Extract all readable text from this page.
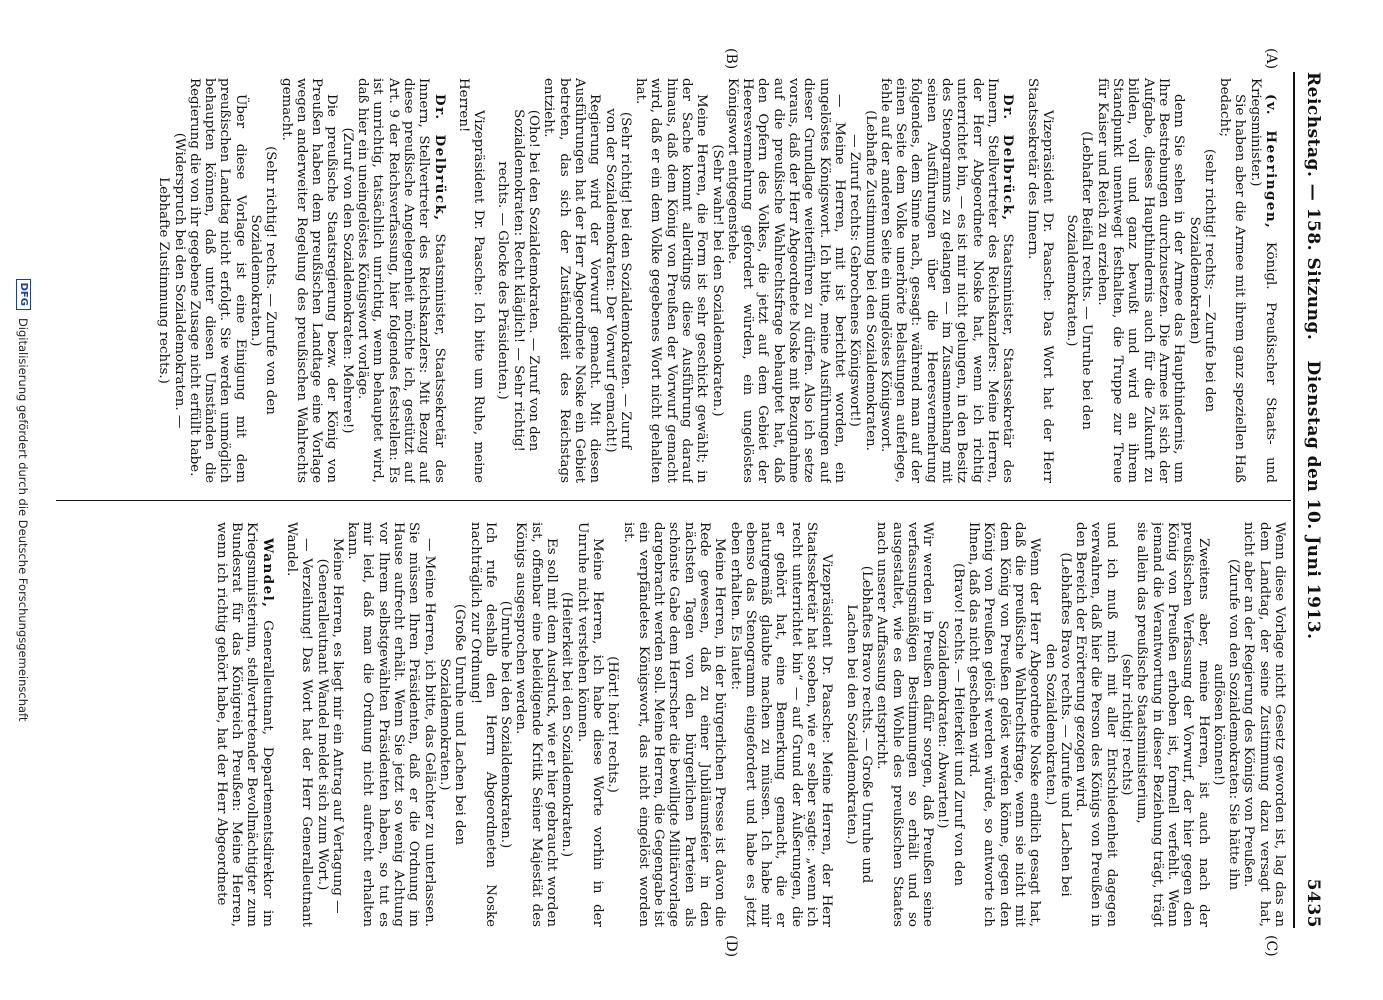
Reichstag. — 158. Sitzung.
Dienstag den 10. Juni 1913.
5435
(A)
(B)
(C)
(D)

(v. Heeringen, Königl. Preußischer Staats- und Kriegsminister.)

Sie haben aber die Armee mit ihrem ganz speziellen Haß bedacht;

(sehr richtig! rechts; — Zurufe bei den Sozialdemokraten)

denn Sie sehen in der Armee das Haupthindernis, um Ihre Bestrebungen durchzusetzen. Die Armee ist sich der Aufgabe, dieses Haupthindernis auch für die Zukunft zu bilden, voll und ganz bewußt und wird an ihrem Standpunkt unentwegt festhalten, die Truppe zur Treue für Kaiser und Reich zu erziehen.

(Lebhafter Beifall rechts. — Unruhe bei den Sozialdemokraten.)

Vizepräsident Dr. Paasche: Das Wort hat der Herr Staatssekretär des Innern.

Dr. Delbrück, Staatsminister, Staatssekretär des Innern, Stellvertreter des Reichskanzlers: Meine Herren, der Herr Abgeordnete Noske hat, wenn ich richtig unterrichtet bin, — es ist mir nicht gelungen, in den Besitz des Stenogramms zu gelangen — im Zusammenhang mit seinen Ausführungen über die Heeresvermehrung folgendes, dem Sinne nach, gesagt: während man auf der einen Seite dem Volke unerhörte Belastungen auferlege, fehle auf der anderen Seite ein ungelöstes Königswort.

(Lebhafte Zustimmung bei den Sozialdemokraten. — Zuruf rechts: Gebrochenes Königswort!)

— Meine Herren, mit ist berichtet worden, ein ungelöstes Königswort. Ich bitte, meine Ausführungen auf dieser Grundlage weiterführen zu dürfen. Also ich setze voraus, daß der Herr Abgeordnete Noske mit Bezugnahme auf die preußische Wahlrechtsfrage behauptet hat, daß den Opfern des Volkes, die jetzt auf dem Gebiet der Heeresvermehrung gefordert würden, ein ungelöstes Königswort entgegenstehe.

(Sehr wahr! bei den Sozialdemokraten.)

Meine Herren, die Form ist sehr geschickt gewählt; in der Sache kommt allerdings diese Ausführung darauf hinaus, daß dem König von Preußen der Vorwurf gemacht wird, daß er ein dem Volke gegebenes Wort nicht gehalten hat.

(Sehr richtig! bei den Sozialdemokraten. — Zuruf von der Sozialdemokraten: Der Vorwurf gemacht!)

Regierung wird der Vorwurf gemacht. Mit diesen Ausführungen hat der Herr Abgeordnete Noske ein Gebiet betreten, das sich der Zuständigkeit des Reichstags entzieht.

(Oho! bei den Sozialdemokraten. — Zuruf von den Sozialdemokraten: Recht kläglich! — Sehr richtig! rechts. — Glocke des Präsidenten.)

Vizepräsident Dr. Paasche: Ich bitte um Ruhe, meine Herren!

Dr. Delbrück, Staatsminister, Staatssekretär des Innern, Stellvertreter des Reichskanzlers: Mit Bezug auf diese preußische Angelegenheit möchte ich, gestützt auf Art. 9 der Reichsverfassung, hier folgendes feststellen: Es ist unrichtig, tatsächlich unrichtig, wenn behauptet wird, daß hier ein uneingelöstes Königswort vorläge.

(Zuruf von den Sozialdemokraten: Mehrere!)

Die preußische Staatsregierung bezw. der König von Preußen haben dem preußischen Landtage eine Vorlage wegen anderweiter Regelung des preußischen Wahlrechts gemacht.

(Sehr richtig! rechts. — Zurufe von den Sozialdemokraten.)

Über diese Vorlage ist eine Einigung mit dem preußischen Landtag nicht erfolgt. Sie werden unmöglich behaupten können, daß unter diesen Umständen die Regierung die von ihr gegebene Zusage nicht erfüllt habe.

(Widerspruch bei den Sozialdemokraten. — Lebhafte Zustimmung rechts.)

Wenn diese Vorlage nicht Gesetz geworden ist, lag das an dem Landtag, der seine Zustimmung dazu versagt hat, nicht aber an der Regierung des Königs von Preußen.

(Zurufe von den Sozialdemokraten: Sie hätte ihn auflösen können!)

Zweitens aber, meine Herren, ist auch nach der preußischen Verfassung der Vorwurf, der hier gegen den König von Preußen erhoben ist, formell verfehlt. Wenn jemand die Verantwortung in dieser Beziehung trägt, trägt sie allein das preußische Staatsministerium,

(sehr richtig! rechts)

und ich muß mich mit aller Entschiedenheit dagegen verwahren, daß hier die Person des Königs von Preußen in den Bereich der Erörterung gezogen wird.

(Lebhaftes Bravo rechts. — Zurufe und Lachen bei den Sozialdemokraten.)

Wenn der Herr Abgeordnete Noske endlich gesagt hat, daß die preußische Wahlrechtsfrage, wenn sie nicht mit dem König von Preußen gelöst werden könne, gegen den König von Preußen gelöst werden würde, so antworte ich Ihnen, daß das nicht geschehen wird.

(Bravo! rechts. — Heiterkeit und Zuruf von den Sozialdemokraten: Abwarten!)

Wir werden in Preußen dafür sorgen, daß Preußen seine verfassungsmäßigen Bestimmungen so erhält und so ausgestaltet, wie es dem Wohle des preußischen Staates nach unserer Auffassung entspricht.

(Lebhaftes Bravo rechts. — Große Unruhe und Lachen bei den Sozialdemokraten.)

Vizepräsident Dr. Paasche: Meine Herren, der Herr Staatssekretär hat soeben, wie er selber sagte: „wenn ich recht unterrichtet bin“ — auf Grund der Äußerungen, die er gehört hat, eine Bemerkung gemacht, die er naturgemäß glaubte machen zu müssen. Ich habe mir ebenso das Stenogramm eingefordert und habe es jetzt eben erhalten. Es lautet:

Meine Herren, in der bürgerlichen Presse ist davon die Rede gewesen, daß zu einer Jubiläumsfeier in den nächsten Tagen von den bürgerlichen Parteien als schönste Gabe dem Herrscher die bewilligte Militärvorlage dargebracht werden soll. Meine Herren, die Gegengabe ist ein verpfändetes Königswort, das nicht eingelöst worden ist.

(Hört! hört! rechts.)

Meine Herren, ich habe diese Worte vorhin in der Unruhe nicht verstehen können.

(Heiterkeit bei den Sozialdemokraten.)

Es soll mit dem Ausdruck, wie er hier gebraucht worden ist, offenbar eine beleidigende Kritik Seiner Majestät des Königs ausgesprochen werden.

(Unruhe bei den Sozialdemokraten.)

Ich rufe deshalb den Herrn Abgeordneten Noske nachträglich zur Ordnung!

(Große Unruhe und Lachen bei den Sozialdemokraten.)

— Meine Herren, ich bitte, das Gelächter zu unterlassen. Sie müssen Ihren Präsidenten, daß er die Ordnung im Hause aufrecht erhält. Wenn Sie jetzt so wenig Achtung vor Ihrem selbstgewählten Präsidenten haben, so tut es mir leid, daß man die Ordnung nicht aufrecht erhalten kann.

Meine Herren, es liegt mir ein Antrag auf Vertagung —

(Generalleutnant Wandel meldet sich zum Wort.)

— Verzeihung! Das Wort hat der Herr Generalleutnant Wandel.

Wandel, Generalleutnant, Departementsdirektor im Kriegsministerium, stellvertretender Bevollmächtigter zum Bundesrat für das Königreich Preußen: Meine Herren, wenn ich richtig gehört habe, hat der Herr Abgeordnete

DFG
Digitalisierung gefördert durch die Deutsche Forschungsgemeinschaft
